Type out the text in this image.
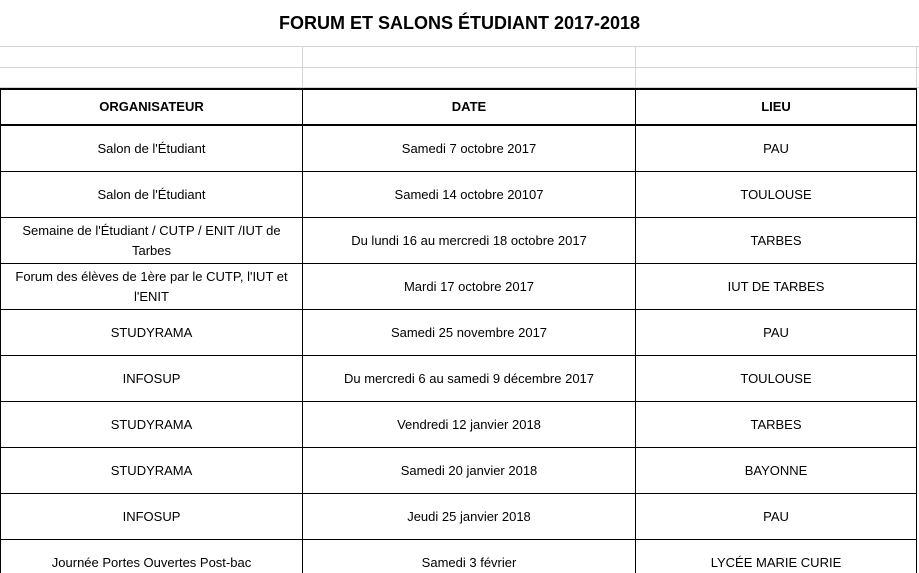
FORUM ET SALONS ÉTUDIANT 2017-2018
ORGANISATEUR	DATE	LIEU
Salon de l'Étudiant	Samedi 7 octobre 2017	PAU
Salon de l'Étudiant	Samedi 14 octobre 20107	TOULOUSE
Semaine de l'Étudiant / CUTP / ENIT /IUT de Tarbes	Du lundi 16 au mercredi 18 octobre 2017	TARBES
Forum des élèves de 1ère par le CUTP, l'IUT et l'ENIT	Mardi 17 octobre 2017	IUT DE TARBES
STUDYRAMA	Samedi 25 novembre 2017	PAU
INFOSUP	Du mercredi 6 au samedi 9 décembre 2017	TOULOUSE
STUDYRAMA	Vendredi 12 janvier 2018	TARBES
STUDYRAMA	Samedi 20 janvier 2018	BAYONNE
INFOSUP	Jeudi 25 janvier 2018	PAU
Journée Portes Ouvertes Post-bac	Samedi 3 février	LYCÉE MARIE CURIE
